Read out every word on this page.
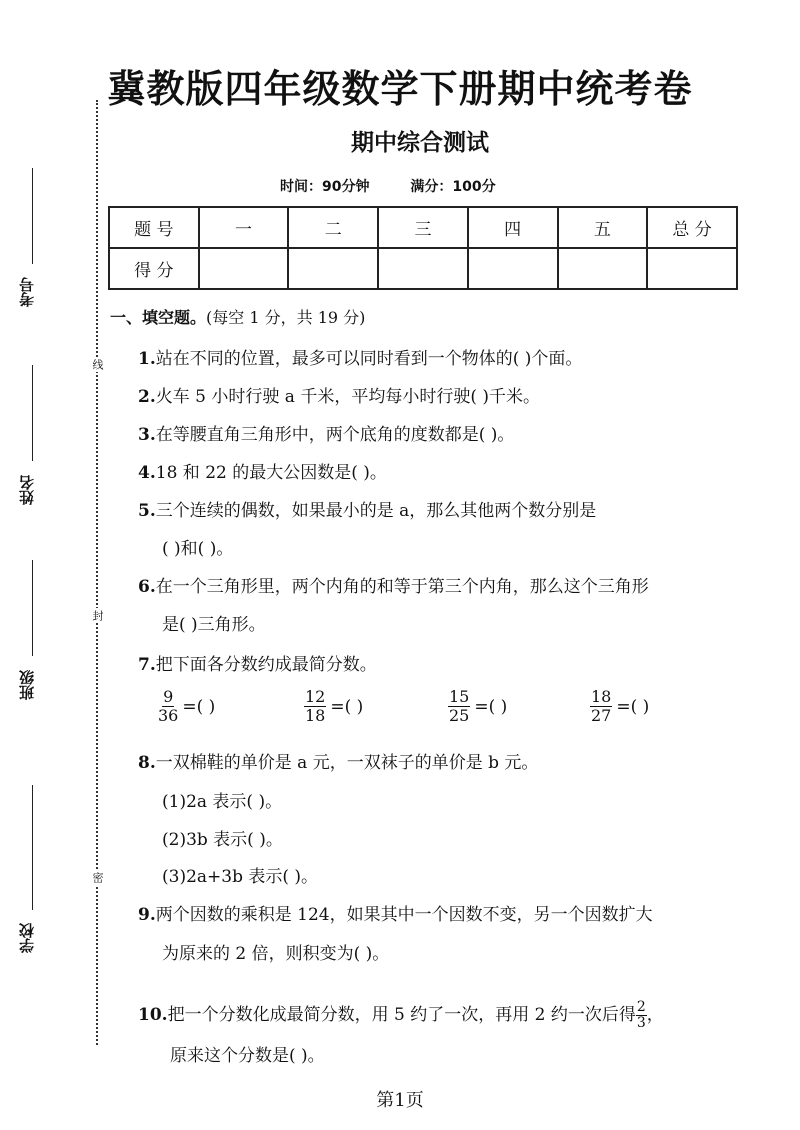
线
封
密
考号
姓名
班级
学校
冀教版四年级数学下册期中统考卷
期中综合测试
时间：90分钟	满分：100分
题 号	一	二	三	四	五	总 分
得 分						
一、填空题。(每空 1 分，共 19 分)
1.站在不同的位置，最多可以同时看到一个物体的( )个面。
2.火车 5 小时行驶 a 千米，平均每小时行驶( )千米。
3.在等腰直角三角形中，两个底角的度数都是( )。
4.18 和 22 的最大公因数是( )。
5.三个连续的偶数，如果最小的是 a，那么其他两个数分别是
( )和( )。
6.在一个三角形里，两个内角的和等于第三个内角，那么这个三角形
是( )三角形。
7.把下面各分数约成最简分数。
$\frac{9}{36}$ =( )	$\frac{12}{18}$ =( )	$\frac{15}{25}$ =( )	$\frac{18}{27}$ =( )
8.一双棉鞋的单价是 a 元，一双袜子的单价是 b 元。
(1)2a 表示( )。
(2)3b 表示( )。
(3)2a+3b 表示( )。
9.两个因数的乘积是 124，如果其中一个因数不变，另一个因数扩大
为原来的 2 倍，则积变为( )。
10.把一个分数化成最简分数，用 5 约了一次，再用 2 约一次后得 $\frac{2}{3}$ ，
原来这个分数是( )。
第1页
